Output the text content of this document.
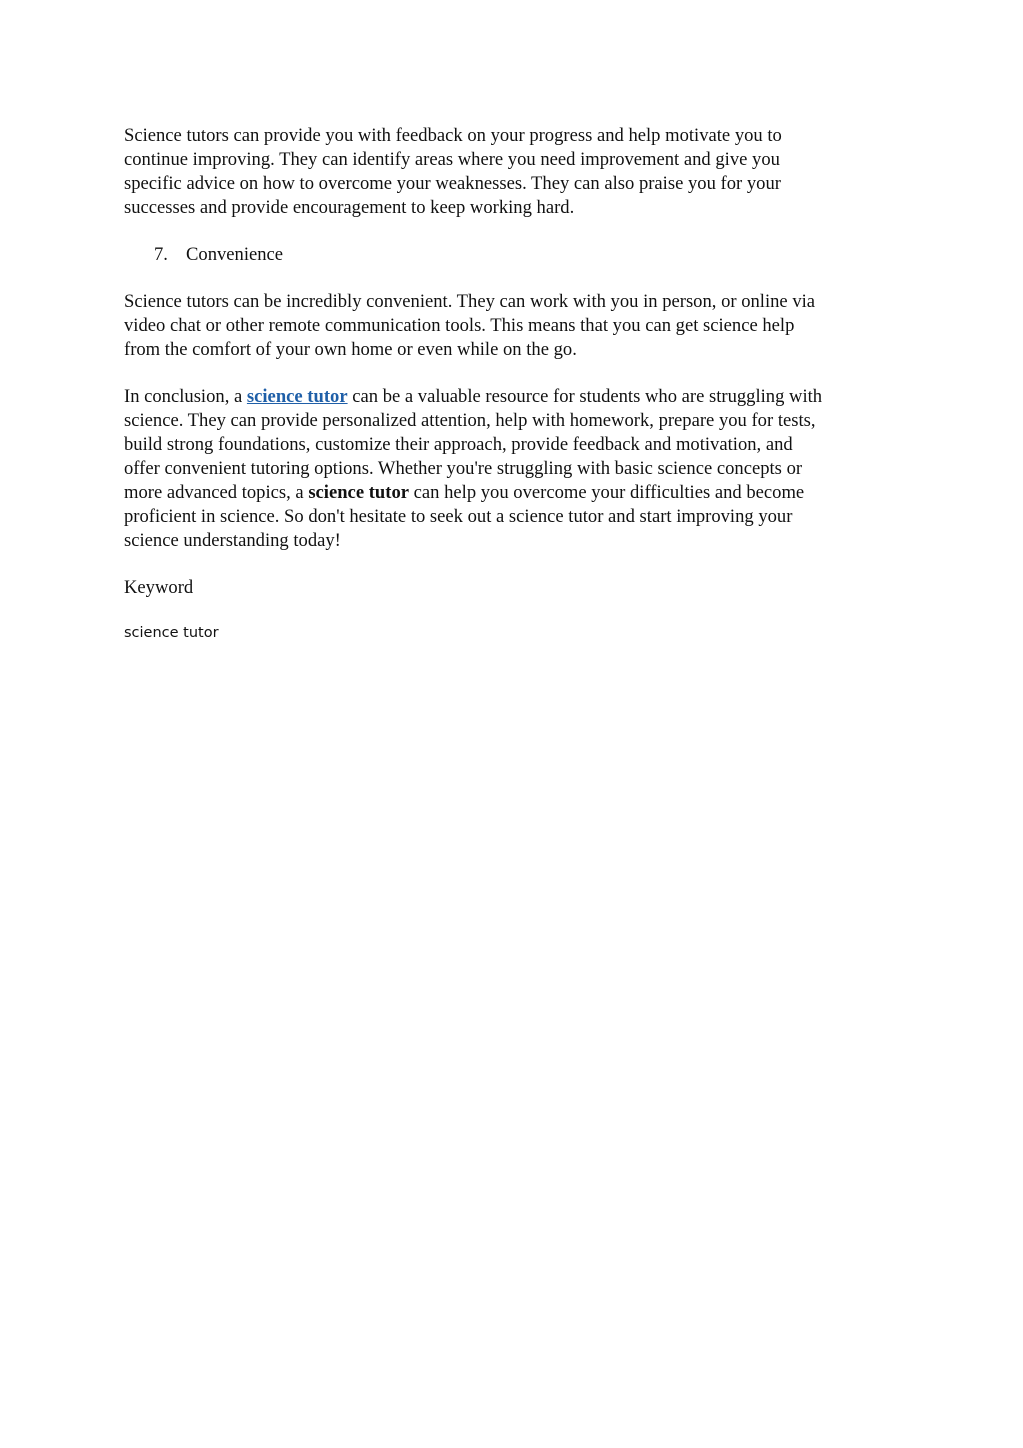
Science tutors can provide you with feedback on your progress and help motivate you to
continue improving. They can identify areas where you need improvement and give you
specific advice on how to overcome your weaknesses. They can also praise you for your
successes and provide encouragement to keep working hard.

7. Convenience

Science tutors can be incredibly convenient. They can work with you in person, or online via
video chat or other remote communication tools. This means that you can get science help
from the comfort of your own home or even while on the go.

In conclusion, a science tutor can be a valuable resource for students who are struggling with
science. They can provide personalized attention, help with homework, prepare you for tests,
build strong foundations, customize their approach, provide feedback and motivation, and
offer convenient tutoring options. Whether you're struggling with basic science concepts or
more advanced topics, a science tutor can help you overcome your difficulties and become
proficient in science. So don't hesitate to seek out a science tutor and start improving your
science understanding today!

Keyword

science tutor
